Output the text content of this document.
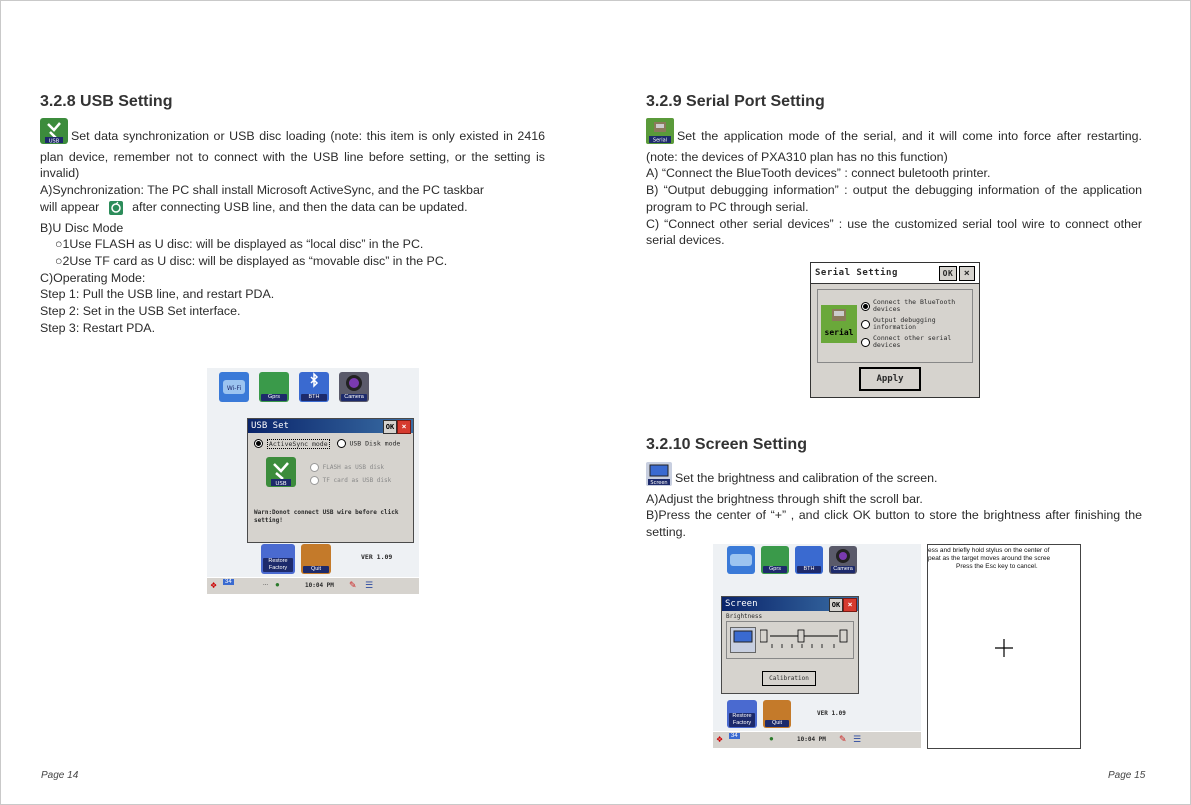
3.2.8 USB Setting

USB Set data synchronization or USB disc loading (note: this item is only existed in 2416 plan device, remember not to connect with the USB line before setting, or the setting is invalid)

A)Synchronization: The PC shall install Microsoft ActiveSync, and the PC taskbar

will appear	after connecting USB line, and then the data can be updated.

B)U Disc Mode

○1Use FLASH as U disc: will be displayed as “local disc” in the PC.

○2Use TF card as U disc: will be displayed as “movable disc” in the PC.

C)Operating Mode:

Step 1: Pull the USB line, and restart PDA.

Step 2: Set in the USB Set interface.

Step 3: Restart PDA.

Wi-Fi
Gprs	BTH	Camera
USB Set	OK ×
ActiveSync mode	USB Disk mode
USB
FLASH as USB disk
TF card as USB disk
Warn:Donot connect USB wire before click setting!
Restore Factory	Quit
VER 1.09
❖	34	... ●	10:04 PM ✎ ☰
Page 14
3.2.9 Serial Port Setting

Serial Set the application mode of the serial, and it will come into force after restarting.(note: the devices of PXA310 plan has no this function)

A) “Connect the BlueTooth devices” : connect buletooth printer.

B) “Output debugging information” : output the debugging information of the application program to PC through serial.

C) “Connect other serial devices” : use the customized serial tool wire to connect other serial devices.

Serial Setting	OK	×
serial
Connect the BlueTooth devices
Output debugging information
Connect other serial devices
Apply
3.2.10 Screen Setting

Screen Set the brightness and calibration of the screen.

A)Adjust the brightness through shift the scroll bar.

B)Press the center of “+” , and click OK button to store the brightness after finishing the setting.

Gprs	BTH	Camera
Screen	OK ×
Brightness
Calibration
Restore Factory	Quit
VER 1.09
❖	34	●	10:04 PM ✎ ☰
ess and briefly hold stylus on the center of
peat as the target moves around the scree
Press the Esc key to cancel.
Page 15
